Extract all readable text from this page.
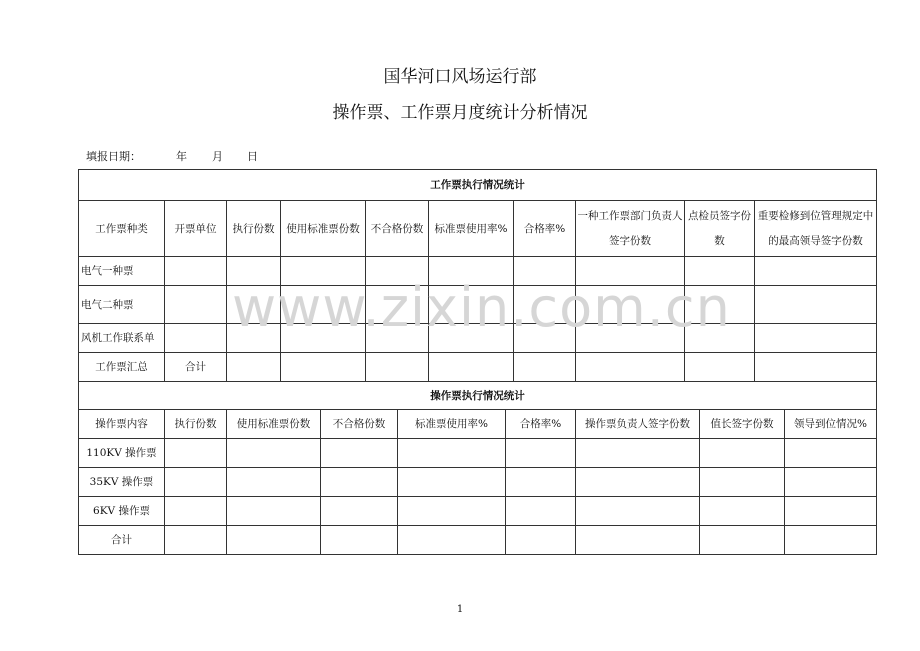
国华河口风场运行部
操作票、工作票月度统计分析情况
填报日期：	年 月 日
工作票执行情况统计									
工作票种类	开票单位	执行份数	使用标准票份数	不合格份数	标准票使用率%	合格率%	一种工作票部门负责人签字份数	点检员签字份数	重要检修到位管理规定中的最高领导签字份数
电气一种票									
电气二种票									
风机工作联系单									
工作票汇总	合计								
操作票执行情况统计								
操作票内容	执行份数	使用标准票份数	不合格份数	标准票使用率%	合格率%	操作票负责人签字份数	值长签字份数	领导到位情况%
110KV 操作票								
35KV 操作票								
6KV 操作票								
合计								
www.zixin.com.cn
1
